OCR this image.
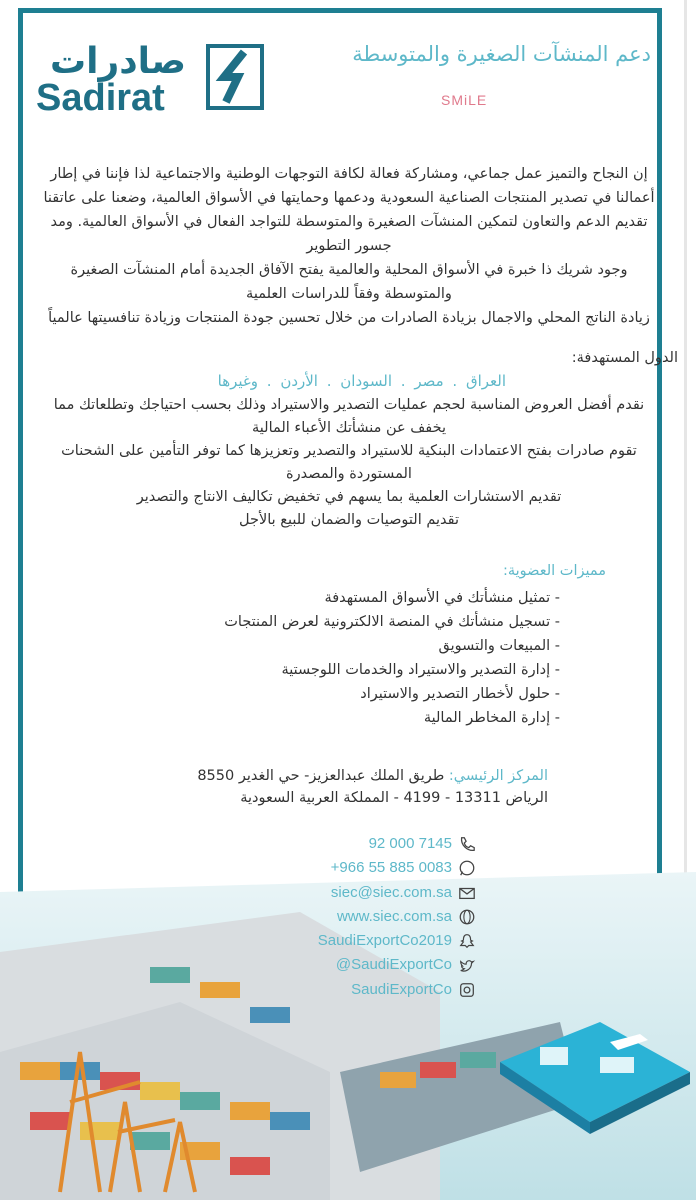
صادرات
Sadirat
دعم المنشآت الصغيرة والمتوسطة
SMiLE

إن النجاح والتميز عمل جماعي، ومشاركة فعالة لكافة التوجهات الوطنية والاجتماعية لذا فإننا في إطار أعمالنا في تصدير المنتجات الصناعية السعودية ودعمها وحمايتها في الأسواق العالمية، وضعنا على عاتقنا تقديم الدعم والتعاون لتمكين المنشآت الصغيرة والمتوسطة للتواجد الفعال في الأسواق العالمية. ومد جسور التطوير

وجود شريك ذا خبرة في الأسواق المحلية والعالمية يفتح الآفاق الجديدة أمام المنشآت الصغيرة والمتوسطة وفقاً للدراسات العلمية

زيادة الناتج المحلي والاجمال بزيادة الصادرات من خلال تحسين جودة المنتجات وزيادة تنافسيتها عالمياً

الدول المستهدفة:
العراق . مصر . السودان . الأردن . وغيرها

نقدم أفضل العروض المناسبة لحجم عمليات التصدير والاستيراد وذلك بحسب احتياجك وتطلعاتك مما يخفف عن منشأتك الأعباء المالية

تقوم صادرات بفتح الاعتمادات البنكية للاستيراد والتصدير وتعزيزها كما توفر التأمين على الشحنات المستوردة والمصدرة

تقديم الاستشارات العلمية بما يسهم في تخفيض تكاليف الانتاج والتصدير

تقديم التوصيات والضمان للبيع بالأجل

مميزات العضوية:
- تمثيل منشأتك في الأسواق المستهدفة
- تسجيل منشأتك في المنصة الالكترونية لعرض المنتجات
- المبيعات والتسويق
- إدارة التصدير والاستيراد والخدمات اللوجستية
- حلول لأخطار التصدير والاستيراد
- إدارة المخاطر المالية
المركز الرئيسي: طريق الملك عبدالعزيز- حي الغدير 8550
الرياض 13311 - 4199 - المملكة العربية السعودية
92 000 7145
+966 55 885 0083
siec@siec.com.sa
www.siec.com.sa
SaudiExportCo2019
@SaudiExportCo
SaudiExportCo
